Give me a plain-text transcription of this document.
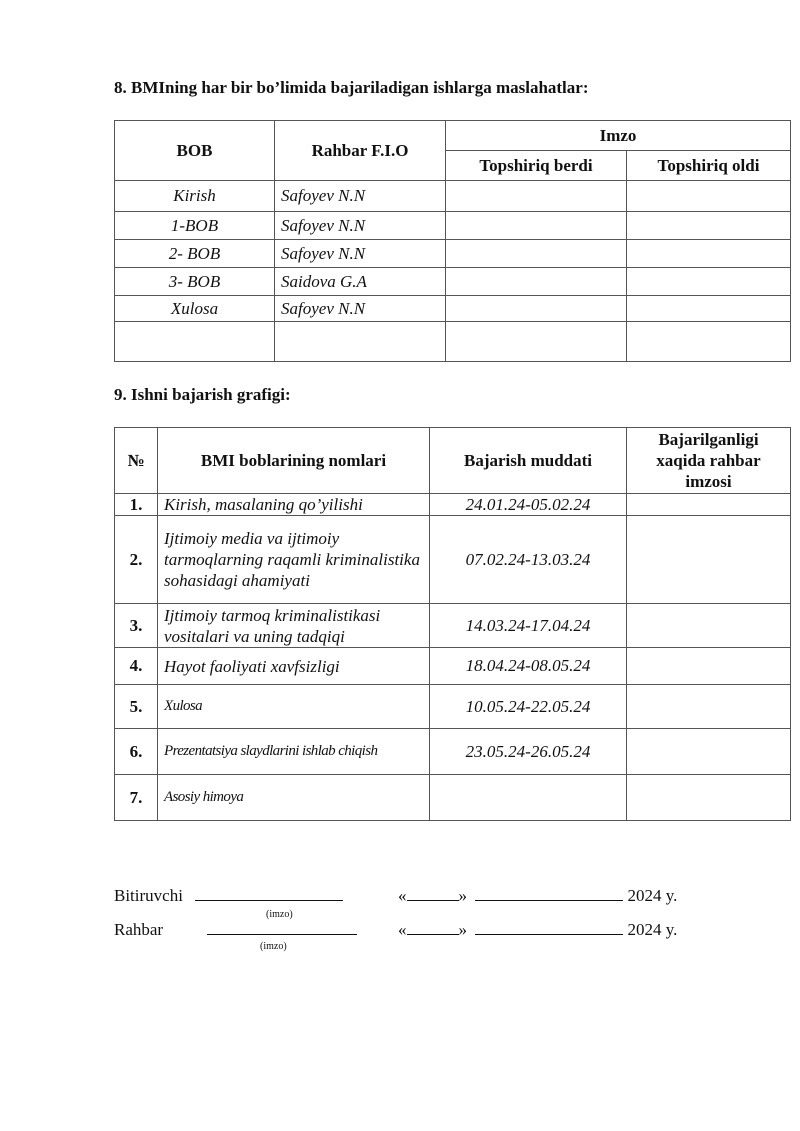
8. BMIning har bir bo’limida bajariladigan ishlarga maslahatlar:

BOB	Rahbar F.I.O	Imzo	
		Topshiriq berdi	Topshiriq oldi
Kirish	Safoyev N.N		
1-BOB	Safoyev N.N		
2- BOB	Safoyev N.N		
3- BOB	Saidova G.A		
Xulosa	Safoyev N.N		

9. Ishni bajarish grafigi:

№	BMI boblarining nomlari	Bajarish muddati	Bajarilganligi xaqida rahbar imzosi
1.	Kirish, masalaning qo’yilishi	24.01.24-05.02.24	
2.	Ijtimoiy media va ijtimoiy tarmoqlarning raqamli kriminalistika sohasidagi ahamiyati	07.02.24-13.03.24	
3.	Ijtimoiy tarmoq kriminalistikasi vositalari va uning tadqiqi	14.03.24-17.04.24	
4.	Hayot faoliyati xavfsizligi	18.04.24-08.05.24	
5.	Xulosa	10.05.24-22.05.24	
6.	Prezentatsiya slaydlarini ishlab chiqish	23.05.24-26.05.24	
7.	Asosiy himoya		
Bitiruvchi	«	»	2024 y.
(imzo)
Rahbar	«	»	2024 y.
(imzo)
